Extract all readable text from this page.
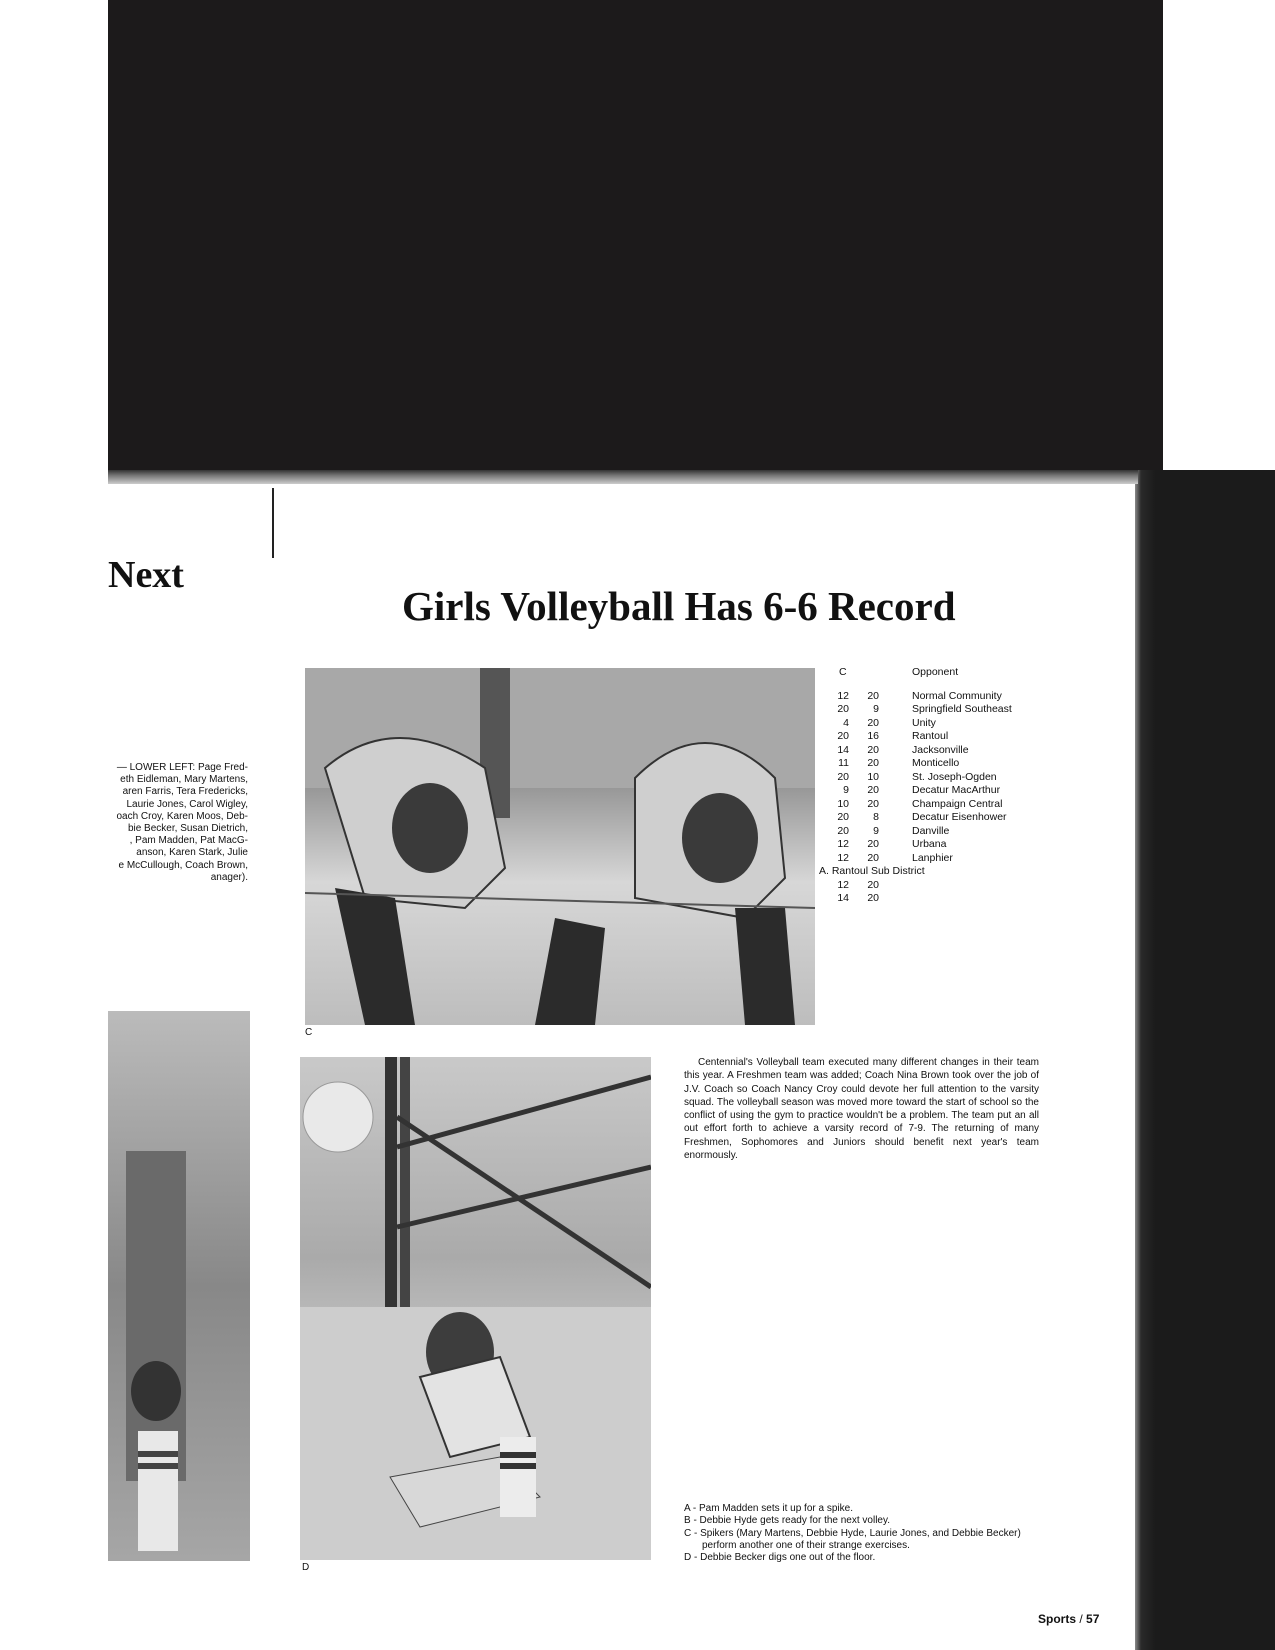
Next
— LOWER LEFT: Page Fred-
eth Eidleman, Mary Martens,
aren Farris, Tera Fredericks,
Laurie Jones, Carol Wigley,
oach Croy, Karen Moos, Deb-
bie Becker, Susan Dietrich,
, Pam Madden, Pat MacG-
anson, Karen Stark, Julie
e McCullough, Coach Brown,
anager).
Girls Volleyball Has 6-6 Record
C
C	Opponent
12	20	Normal Community
20	9	Springfield Southeast
4	20	Unity
20	16	Rantoul
14	20	Jacksonville
11	20	Monticello
20	10	St. Joseph-Ogden
9	20	Decatur MacArthur
10	20	Champaign Central
20	8	Decatur Eisenhower
20	9	Danville
12	20	Urbana
12	20	Lanphier
A. Rantoul Sub District
12	20
14	20
D
Centennial's Volleyball team executed many different changes in their team this year. A Freshmen team was added; Coach Nina Brown took over the job of J.V. Coach so Coach Nancy Croy could devote her full attention to the varsity squad. The volleyball season was moved more toward the start of school so the conflict of using the gym to practice wouldn't be a problem. The team put an all out effort forth to achieve a varsity record of 7-9. The returning of many Freshmen, Sophomores and Juniors should benefit next year's team enormously.
A - Pam Madden sets it up for a spike.
B - Debbie Hyde gets ready for the next volley.
C - Spikers (Mary Martens, Debbie Hyde, Laurie Jones, and Debbie Becker)
perform another one of their strange exercises.
D - Debbie Becker digs one out of the floor.
Sports / 57
